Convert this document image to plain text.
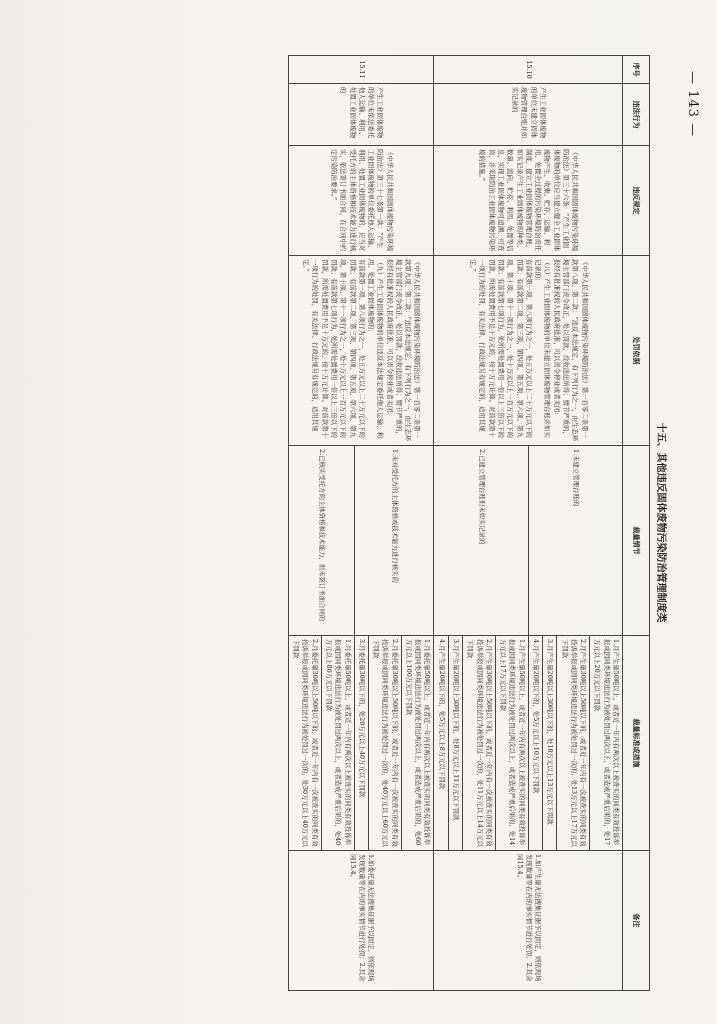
— 143 —
十五、其他违反固体废物污染防治管理制度类
序号	违法行为	违反规定	处罚依据	裁量情节	裁量标准或措施	备注
15.10	产生工业固体废物的单位未建立固体废物管理台账并如实记录的	《中华人民共和国固体废物污染环境防治法》第三十六条：“产生工业固体废物的单位应当建立健全工业固体废物产生、收集、贮存、运输、利用、处置全过程的污染环境防治责任制度，建立工业固体废物管理台账，如实记录产生工业固体废物的种类、数量、流向、贮存、利用、处置等信息，实现工业固体废物可追溯、可查询，并采取防治工业固体废物污染环境的措施。”	《中华人民共和国固体废物污染环境防治法》第一百零二条第一款第八项、第二款：“违反本法规定，有下列行为之一，由生态环境主管部门责令改正，处以罚款，没收违法所得；情节严重的，报经有批准权的人民政府批准，可以责令停业或者关闭：

（八）产生工业固体废物的单位未建立固体废物管理台账并如实记录的；

有前款第一项、第八项行为之一，处五万元以上二十万元以下的罚款；有前款第二项、第三项、第四项、第五项、第六项、第九项、第十项、第十一项行为之一，处十万元以上一百万元以下的罚款；有前款第七项行为，处所需处置费用一倍以上三倍以下的罚款，所需处置费用不足十万元的，按十万元计算。对前款第十一项行为的处罚，有关法律、行政法规另有规定的，适用其规定。”	1.未建立管理台账的	1.月产生量50吨以上，或者近一年内有两次以上被查实的同类有效投诉举报或因同类环境违法行为被处罚过两次以上，或者造成严重后果的，处17万元以上20万元以下罚款	1.如产生量无法搜集证据予以固定，则依现场发现数量等在内的事实情节进行处罚；2.其余同15.4。
					2.月产生量30吨以上50吨以下的，或者近一年内有一次被查实的同类有效投诉举报或因同类环境违法行为被处罚过一次的，处13万元以上17万元以下罚款	
					3.月产生量20吨以上30吨以下的，处10万元以上13万元以下罚款	
					4.月产生量20吨以下的，处5万元以上10万元以下罚款	
				2.已建立管理台账但未如实记录的	1.月产生量50吨以上，或者近一年内有两次以上被查实的同类有效投诉举报或因同类环境违法行为被处罚过两次以上，或者造成严重后果的，处14万元以上17万元以下罚款	
					2.月产生量30吨以上50吨以下的，或者近一年内有一次被查实的同类有效投诉举报或因同类环境违法行为被处罚过一次的，处11万元以上14万元以下罚款	
					3.月产生量20吨以上30吨以下的，处8万元以上11万元以下罚款	
					4.月产生量20吨以下的，处5万元以上8万元以下罚款	
15.11	产生工业固体废物的单位未依法委托他人运输、利用、处置工业固体废物的	《中华人民共和国固体废物污染环境防治法》第三十七条第一款：“产生工业固体废物的单位委托他人运输、利用、处置工业固体废物的，应当对受托方的主体资格和技术能力进行核实，依法签订书面合同，在合同中约定污染防治要求。”	《中华人民共和国固体废物污染环境防治法》第一百零二条第一款第九项、第二款：“违反本法规定，有下列行为之一，由生态环境主管部门责令改正，处以罚款，没收违法所得；情节严重的，报经有批准权的人民政府批准，可以责令停业或者关闭：

（九）产生工业固体废物的单位违反本法规定委托他人运输、利用、处置工业固体废物的；

有前款第一项、第八项行为之一，处五万元以上二十万元以下的罚款；有前款第二项、第三项、第四项、第五项、第六项、第九项、第十项、第十一项行为之一，处十万元以上一百万元以下的罚款；有前款第七项行为，处所需处置费用一倍以上三倍以下的罚款，所需处置费用不足十万元的，按十万元计算。对前款第十一项行为的处罚，有关法律、行政法规另有规定的，适用其规定。”	1.未对受托方的主体资格或技术能力进行核实的	1.月委托量50吨以上，或者近一年内有两次以上被查实的同类有效投诉举报或因同类环境违法行为被处罚过两次以上，或者造成严重后果的，处60万元以上100万元以下罚款	1.如委托量无法搜集证据予以固定，则依现场发现数量等在内的事实情节进行处罚；2.其余同15.4。
					2.月委托量30吨以上50吨以下的，或者近一年内有一次被查实的同类有效投诉举报或因同类环境违法行为被处罚过一次的，处40万元以上60万元以下罚款	
					3.月委托量30吨以下的，处20万元以上40万元以下罚款	
				2.已核实受托方的主体资格和技术能力，但未签订书面合同的	1.月委托量50吨以上，或者近一年内有两次以上被查实的同类有效投诉举报或因同类环境违法行为被处罚过两次以上，或者造成严重后果的，处40万元以上80万元以下罚款	
					2.月委托量30吨以上50吨以下的，或者近一年内有一次被查实的同类有效投诉举报或因同类环境违法行为被处罚过一次的，处30万元以上40万元以下罚款	
